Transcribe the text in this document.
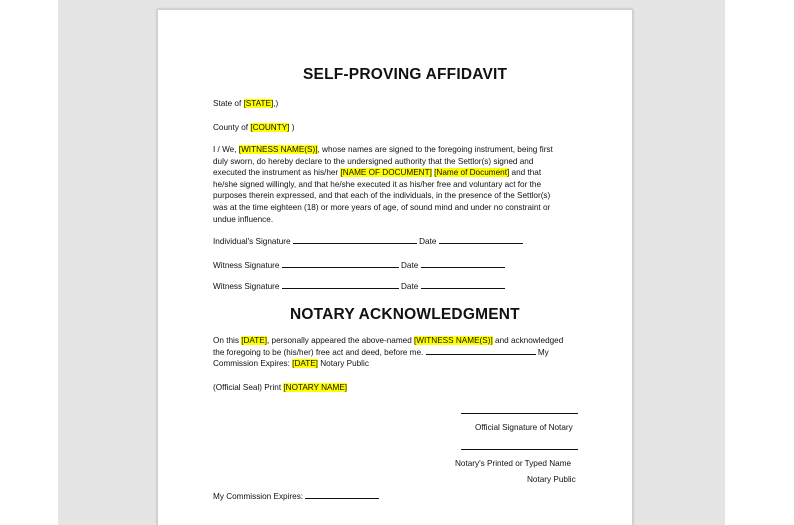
SELF-PROVING AFFIDAVIT
State of [STATE],)
County of [COUNTY] )
I / We, [WITNESS NAME(S)], whose names are signed to the foregoing instrument, being first
duly sworn, do hereby declare to the undersigned authority that the Settlor(s) signed and
executed the instrument as his/her [NAME OF DOCUMENT] [Name of Document] and that
he/she signed willingly, and that he/she executed it as his/her free and voluntary act for the
purposes therein expressed, and that each of the individuals, in the presence of the Settlor(s)
was at the time eighteen (18) or more years of age, of sound mind and under no constraint or
undue influence.
Individual's Signature	Date
Witness Signature	Date
Witness Signature	Date
NOTARY ACKNOWLEDGMENT
On this [DATE], personally appeared the above-named [WITNESS NAME(S)] and acknowledged
the foregoing to be (his/her) free act and deed, before me.	My
Commission Expires: [DATE] Notary Public
(Official Seal) Print [NOTARY NAME]
Official Signature of Notary
Notary's Printed or Typed Name
Notary Public
My Commission Expires:
